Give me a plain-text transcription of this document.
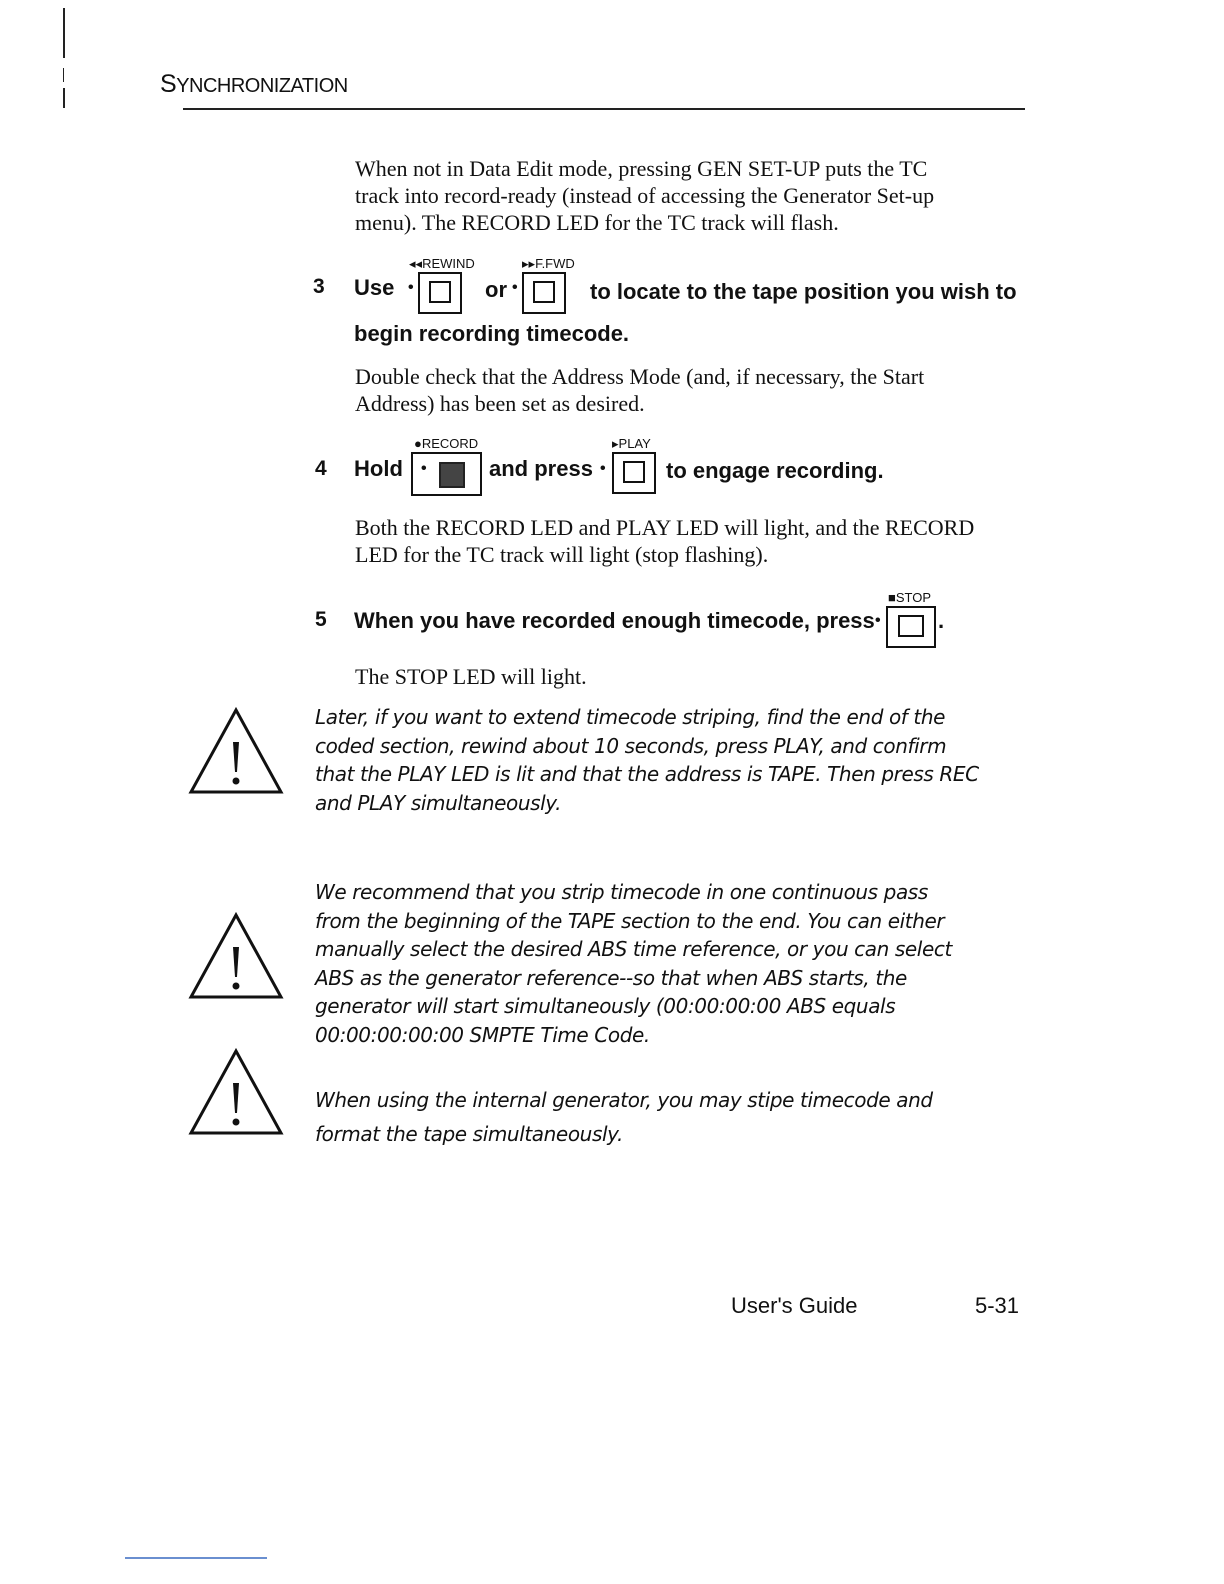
SYNCHRONIZATION
When not in Data Edit mode, pressing GEN SET-UP puts the TC
track into record-ready (instead of accessing the Generator Set-up
menu). The RECORD LED for the TC track will flash.
3 Use
◂◂REWIND
•	or
▸▸F.FWD
•	to locate to the tape position you wish to
begin recording timecode.
Double check that the Address Mode (and, if necessary, the Start
Address) has been set as desired.
4 Hold
●RECORD
•	and press
▸PLAY
•	to engage recording.
Both the RECORD LED and PLAY LED will light, and the RECORD
LED for the TC track will light (stop flashing).
5 When you have recorded enough timecode, press
■STOP
•	.
The STOP LED will light.
Later, if you want to extend timecode striping, find the end of the
coded section, rewind about 10 seconds, press PLAY, and confirm
that the PLAY LED is lit and that the address is TAPE. Then press REC
and PLAY simultaneously.
We recommend that you strip timecode in one continuous pass
from the beginning of the TAPE section to the end. You can either
manually select the desired ABS time reference, or you can select
ABS as the generator reference--so that when ABS starts, the
generator will start simultaneously (00:00:00:00 ABS equals
00:00:00:00:00 SMPTE Time Code.
When using the internal generator, you may stipe timecode and
format the tape simultaneously.
User's Guide	5-31
